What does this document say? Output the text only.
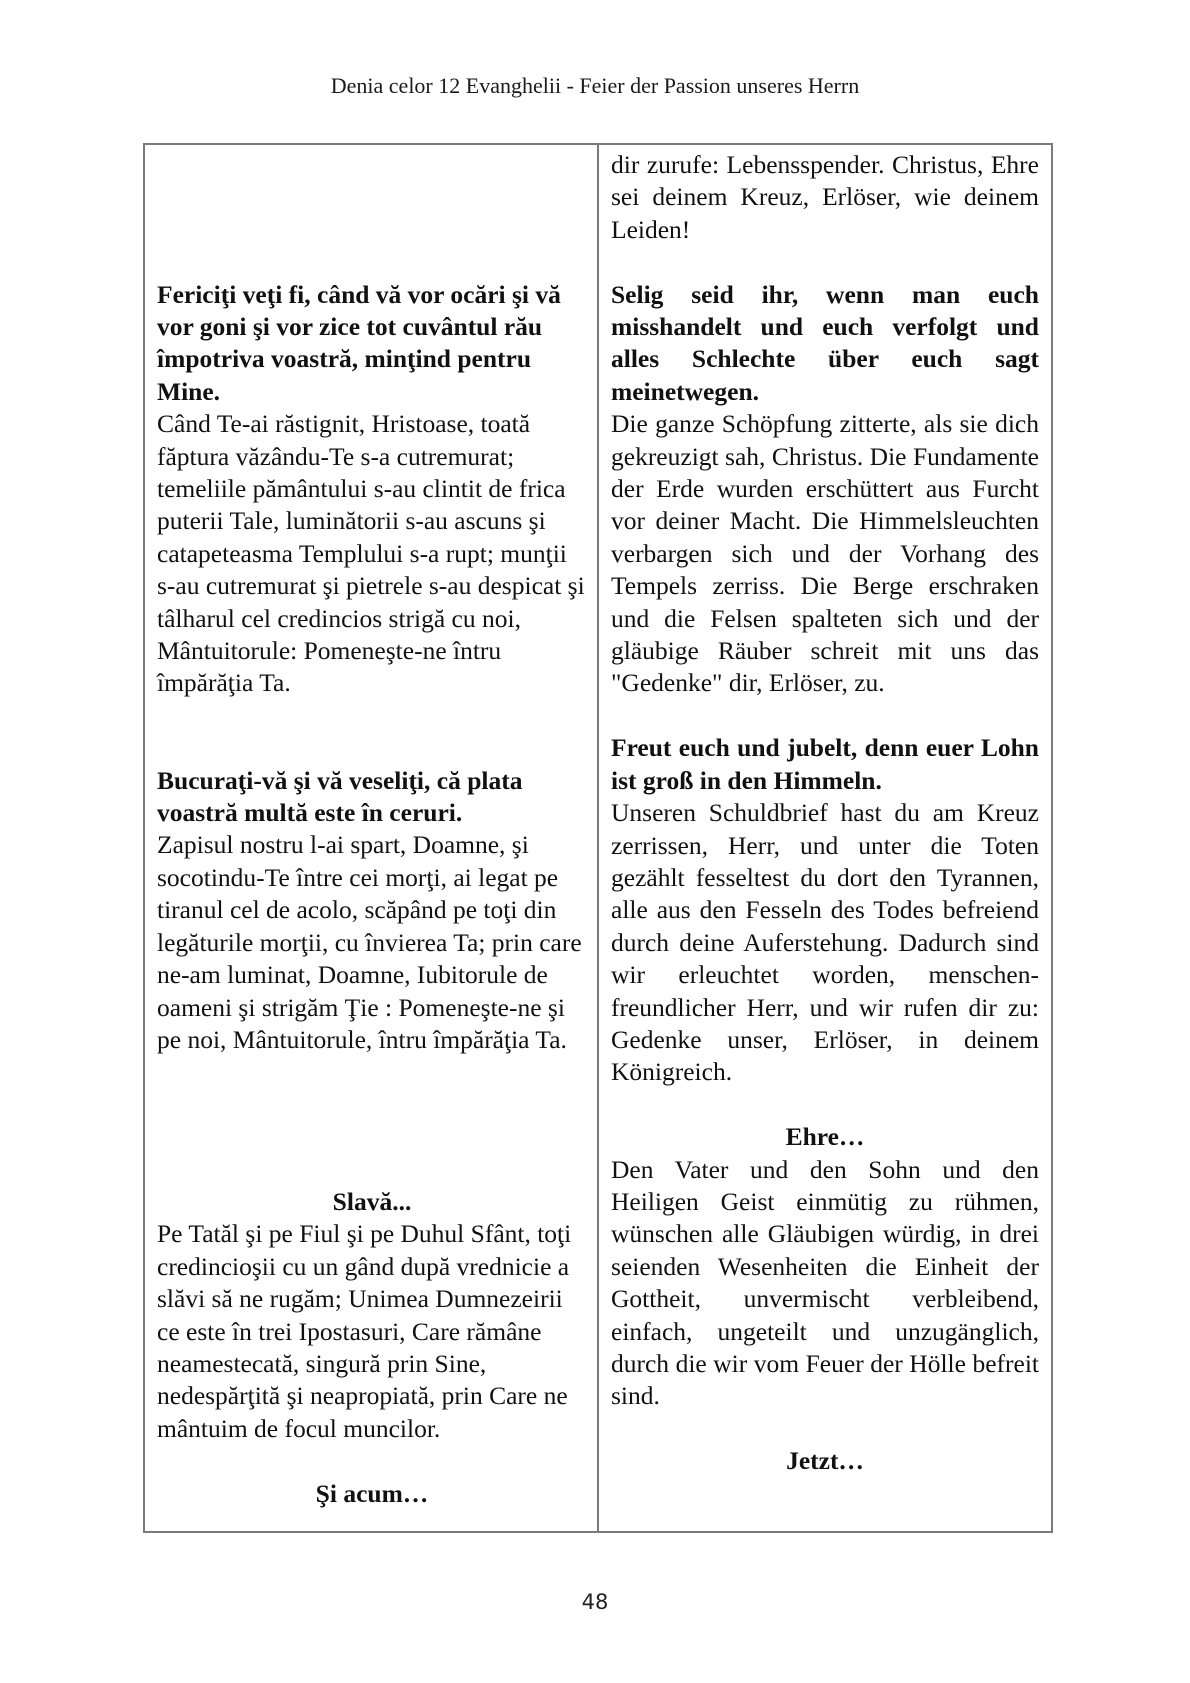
Denia celor 12 Evanghelii - Feier der Passion unseres Herrn

Fericiţi veţi fi, când vă vor ocări şi vă vor goni şi vor zice tot cuvântul rău împotriva voastră, minţind pentru Mine.

Când Te-ai răstignit, Hristoase, toată făptura văzându-Te s-a cutremurat; temeliile pământului s-au clintit de frica puterii Tale, luminătorii s-au ascuns şi catapeteasma Templului s-a rupt; munţii s-au cutremurat şi pietrele s-au despicat şi tâlharul cel credincios strigă cu noi, Mântuitorule: Pomeneşte-ne întru împărăţia Ta.

Bucuraţi-vă şi vă veseliţi, că plata voastră multă este în ceruri.

Zapisul nostru l-ai spart, Doamne, şi socotindu-Te între cei morţi, ai legat pe tiranul cel de acolo, scăpând pe toţi din legăturile morţii, cu învierea Ta; prin care ne-am luminat, Doamne, Iubitorule de oameni şi strigăm Ţie : Pomeneşte-ne şi pe noi, Mântuitorule, întru împărăţia Ta.

Slavă...

Pe Tatăl şi pe Fiul şi pe Duhul Sfânt, toţi credincioşii cu un gând după vrednicie a slăvi să ne rugăm; Unimea Dumnezeirii ce este în trei Ipostasuri, Care rămâne neamestecată, singură prin Sine, nedespărţită şi neapropiată, prin Care ne mântuim de focul muncilor.

Şi acum…

dir zurufe: Lebensspender. Christus, Ehre sei deinem Kreuz, Erlöser, wie deinem Leiden!

Selig seid ihr, wenn man euch misshandelt und euch verfolgt und alles Schlechte über euch sagt meinetwegen.

Die ganze Schöpfung zitterte, als sie dich gekreuzigt sah, Christus. Die Fundamente der Erde wurden erschüttert aus Furcht vor deiner Macht. Die Himmelsleuchten verbargen sich und der Vorhang des Tempels zerriss. Die Berge erschraken und die Felsen spalteten sich und der gläubige Räuber schreit mit uns das "Gedenke" dir, Erlöser, zu.

Freut euch und jubelt, denn euer Lohn ist groß in den Himmeln.

Unseren Schuldbrief hast du am Kreuz zerrissen, Herr, und unter die Toten gezählt fesseltest du dort den Tyrannen, alle aus den Fesseln des Todes befreiend durch deine Auferstehung. Dadurch sind wir erleuchtet worden, menschen-freundlicher Herr, und wir rufen dir zu: Gedenke unser, Erlöser, in deinem Königreich.

Ehre…

Den Vater und den Sohn und den Heiligen Geist einmütig zu rühmen, wünschen alle Gläubigen würdig, in drei seienden Wesenheiten die Einheit der Gottheit, unvermischt verbleibend, einfach, ungeteilt und unzugänglich, durch die wir vom Feuer der Hölle befreit sind.

Jetzt…

48
